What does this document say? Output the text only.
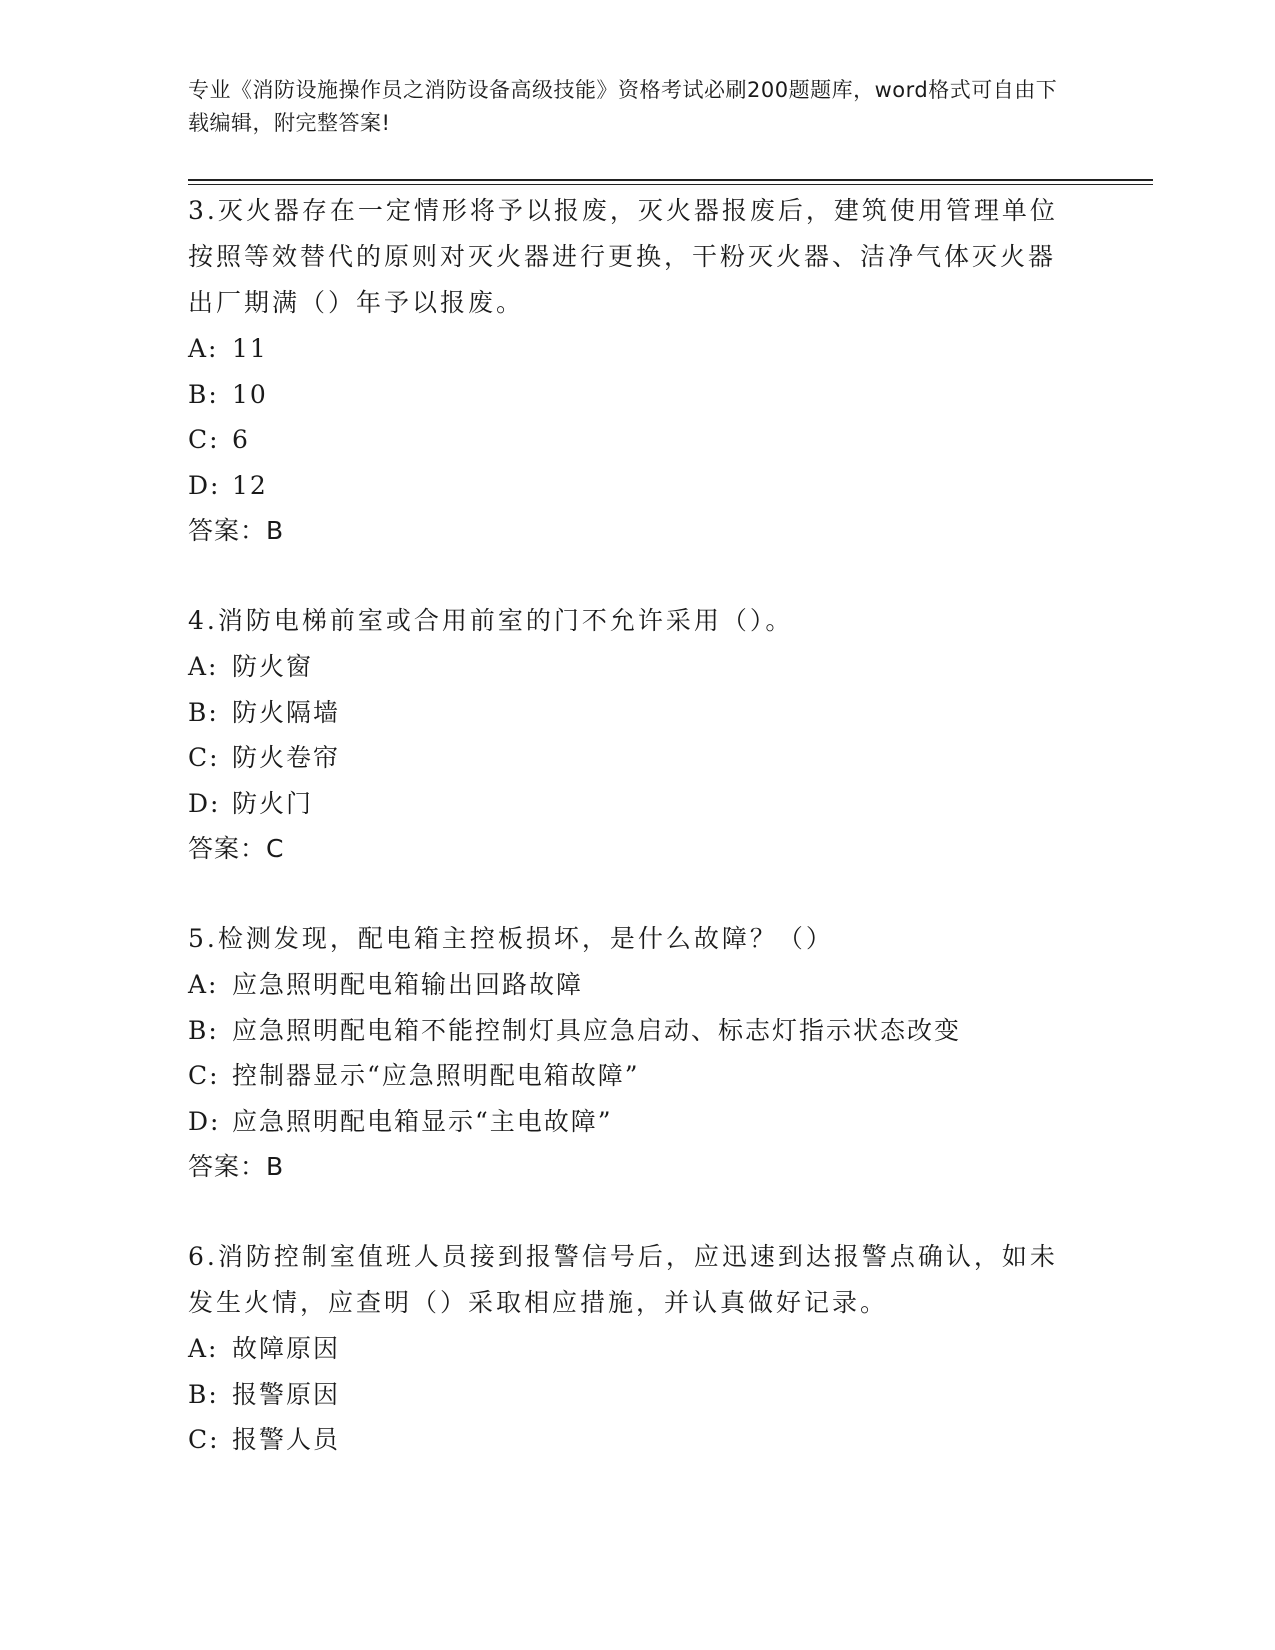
专业《消防设施操作员之消防设备高级技能》资格考试必刷200题题库，word格式可自由下载编辑，附完整答案!
3.灭火器存在一定情形将予以报废，灭火器报废后，建筑使用管理单位按照等效替代的原则对灭火器进行更换，干粉灭火器、洁净气体灭火器出厂期满（）年予以报废。
A: 11
B: 10
C: 6
D: 12
答案：B
4.消防电梯前室或合用前室的门不允许采用（）。
A: 防火窗
B: 防火隔墙
C: 防火卷帘
D: 防火门
答案：C
5.检测发现，配电箱主控板损坏，是什么故障？（）
A: 应急照明配电箱输出回路故障
B: 应急照明配电箱不能控制灯具应急启动、标志灯指示状态改变
C: 控制器显示“应急照明配电箱故障”
D: 应急照明配电箱显示“主电故障”
答案：B
6.消防控制室值班人员接到报警信号后，应迅速到达报警点确认，如未发生火情，应查明（）采取相应措施，并认真做好记录。
A: 故障原因
B: 报警原因
C: 报警人员
